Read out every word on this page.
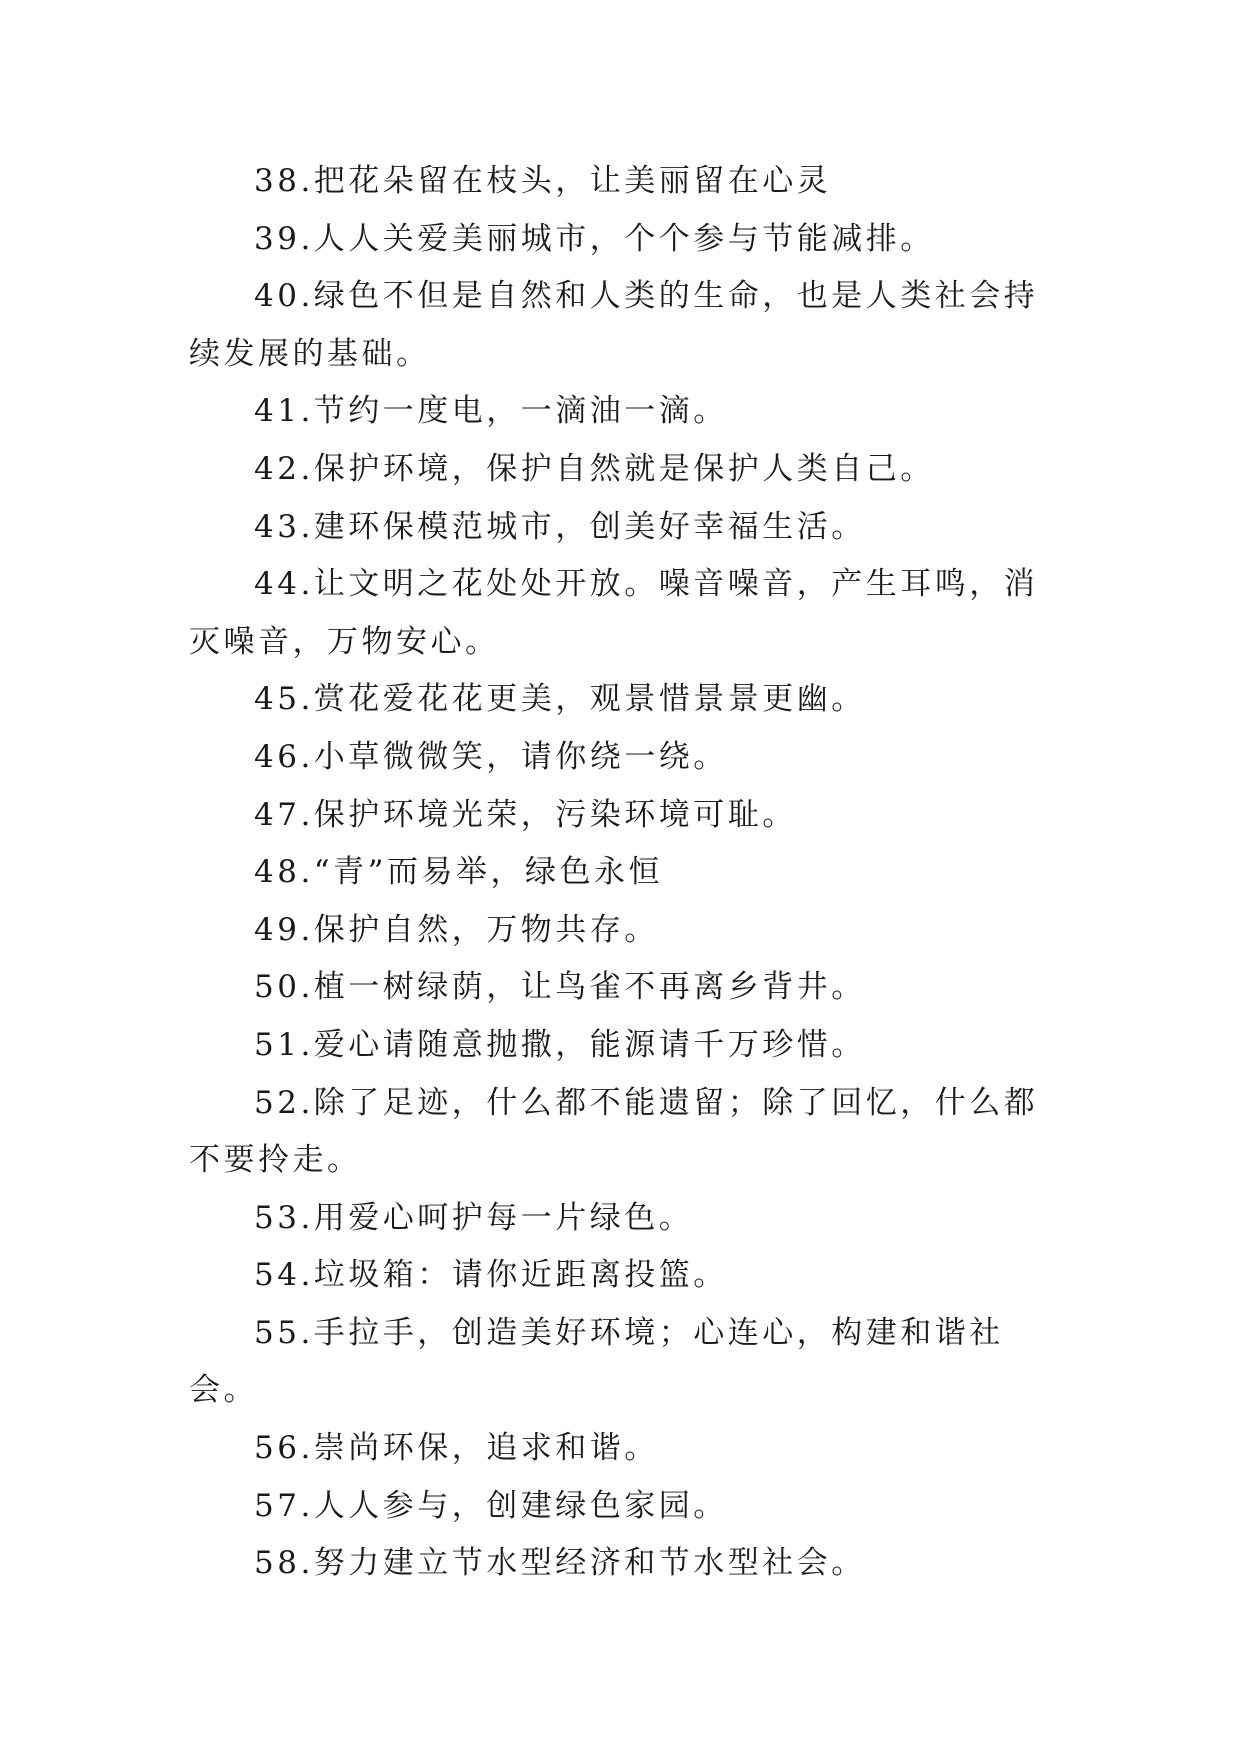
38.把花朵留在枝头，让美丽留在心灵

39.人人关爱美丽城市，个个参与节能减排。

40.绿色不但是自然和人类的生命，也是人类社会持续发展的基础。

41.节约一度电，一滴油一滴。

42.保护环境，保护自然就是保护人类自己。

43.建环保模范城市，创美好幸福生活。

44.让文明之花处处开放。噪音噪音，产生耳鸣，消灭噪音，万物安心。

45.赏花爱花花更美，观景惜景景更幽。

46.小草微微笑，请你绕一绕。

47.保护环境光荣，污染环境可耻。

48.“青”而易举，绿色永恒

49.保护自然，万物共存。

50.植一树绿荫，让鸟雀不再离乡背井。

51.爱心请随意抛撒，能源请千万珍惜。

52.除了足迹，什么都不能遗留；除了回忆，什么都不要拎走。

53.用爱心呵护每一片绿色。

54.垃圾箱：请你近距离投篮。

55.手拉手，创造美好环境；心连心，构建和谐社会。

56.崇尚环保，追求和谐。

57.人人参与，创建绿色家园。

58.努力建立节水型经济和节水型社会。
